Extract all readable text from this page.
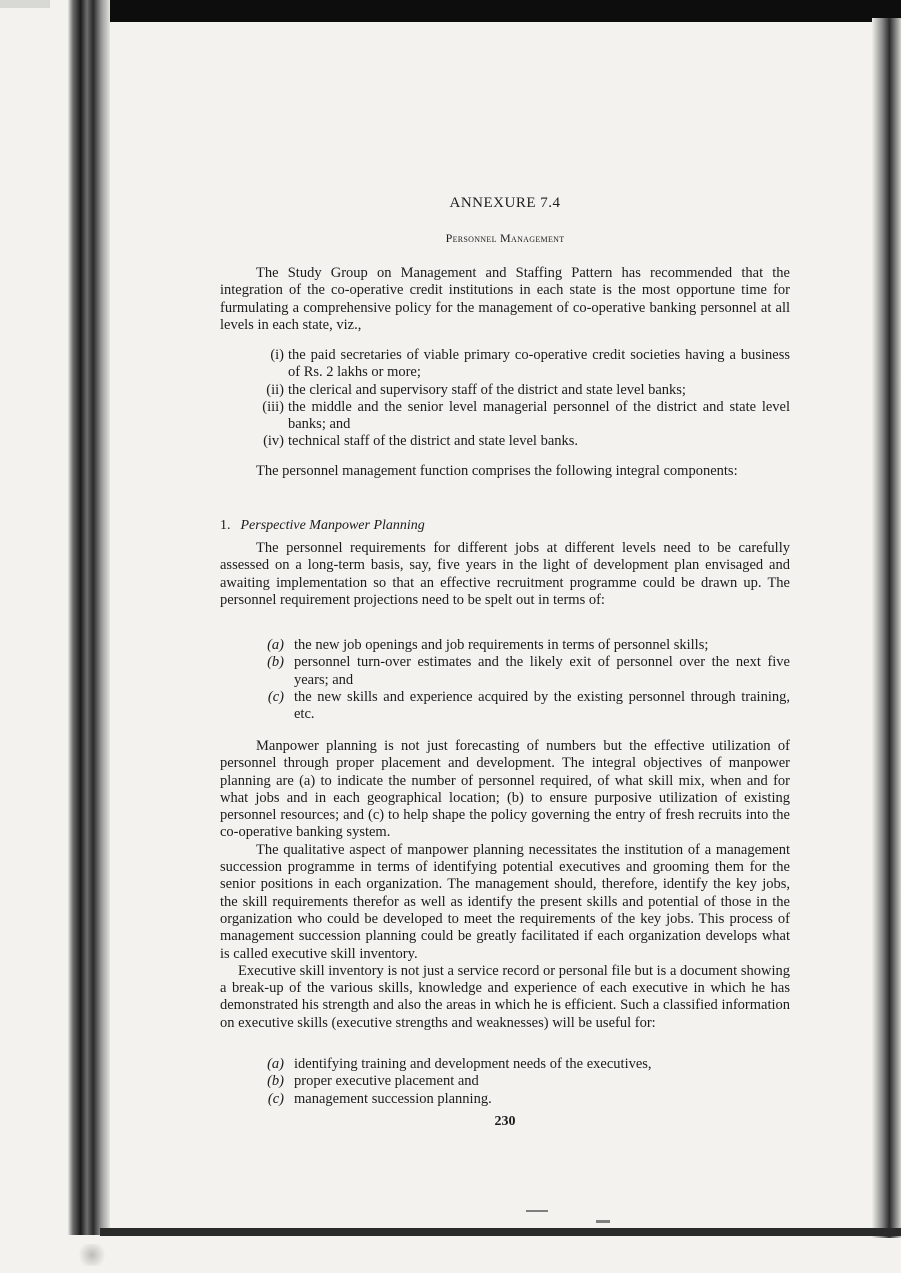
ANNEXURE 7.4
Personnel Management

The Study Group on Management and Staffing Pattern has recommended that the integration of the co-operative credit institutions in each state is the most opportune time for furmulating a comprehensive policy for the management of co-operative banking personnel at all levels in each state, viz.,

(i) the paid secretaries of viable primary co-operative credit societies having a business of Rs. 2 lakhs or more;
(ii) the clerical and supervisory staff of the district and state level banks;
(iii) the middle and the senior level managerial personnel of the district and state level banks; and
(iv) technical staff of the district and state level banks.

The personnel management function comprises the following integral components:

1. Perspective Manpower Planning

The personnel requirements for different jobs at different levels need to be carefully assessed on a long-term basis, say, five years in the light of development plan envisaged and awaiting implementation so that an effective recruitment programme could be drawn up. The personnel requirement projections need to be spelt out in terms of:

(a) the new job openings and job requirements in terms of personnel skills;
(b) personnel turn-over estimates and the likely exit of personnel over the next five years; and
(c) the new skills and experience acquired by the existing personnel through training, etc.

Manpower planning is not just forecasting of numbers but the effective utilization of personnel through proper placement and development. The integral objectives of manpower planning are (a) to indicate the number of personnel required, of what skill mix, when and for what jobs and in each geographical location; (b) to ensure purposive utilization of existing personnel resources; and (c) to help shape the policy governing the entry of fresh recruits into the co-operative banking system.

The qualitative aspect of manpower planning necessitates the institution of a management succession programme in terms of identifying potential executives and grooming them for the senior positions in each organization. The management should, therefore, identify the key jobs, the skill requirements therefor as well as identify the present skills and potential of those in the organization who could be developed to meet the requirements of the key jobs. This process of management succession planning could be greatly facilitated if each organization develops what is called executive skill inventory.

Executive skill inventory is not just a service record or personal file but is a document showing a break-up of the various skills, knowledge and experience of each executive in which he has demonstrated his strength and also the areas in which he is efficient. Such a classified information on executive skills (executive strengths and weaknesses) will be useful for:

(a) identifying training and development needs of the executives,
(b) proper executive placement and
(c) management succession planning.
230
